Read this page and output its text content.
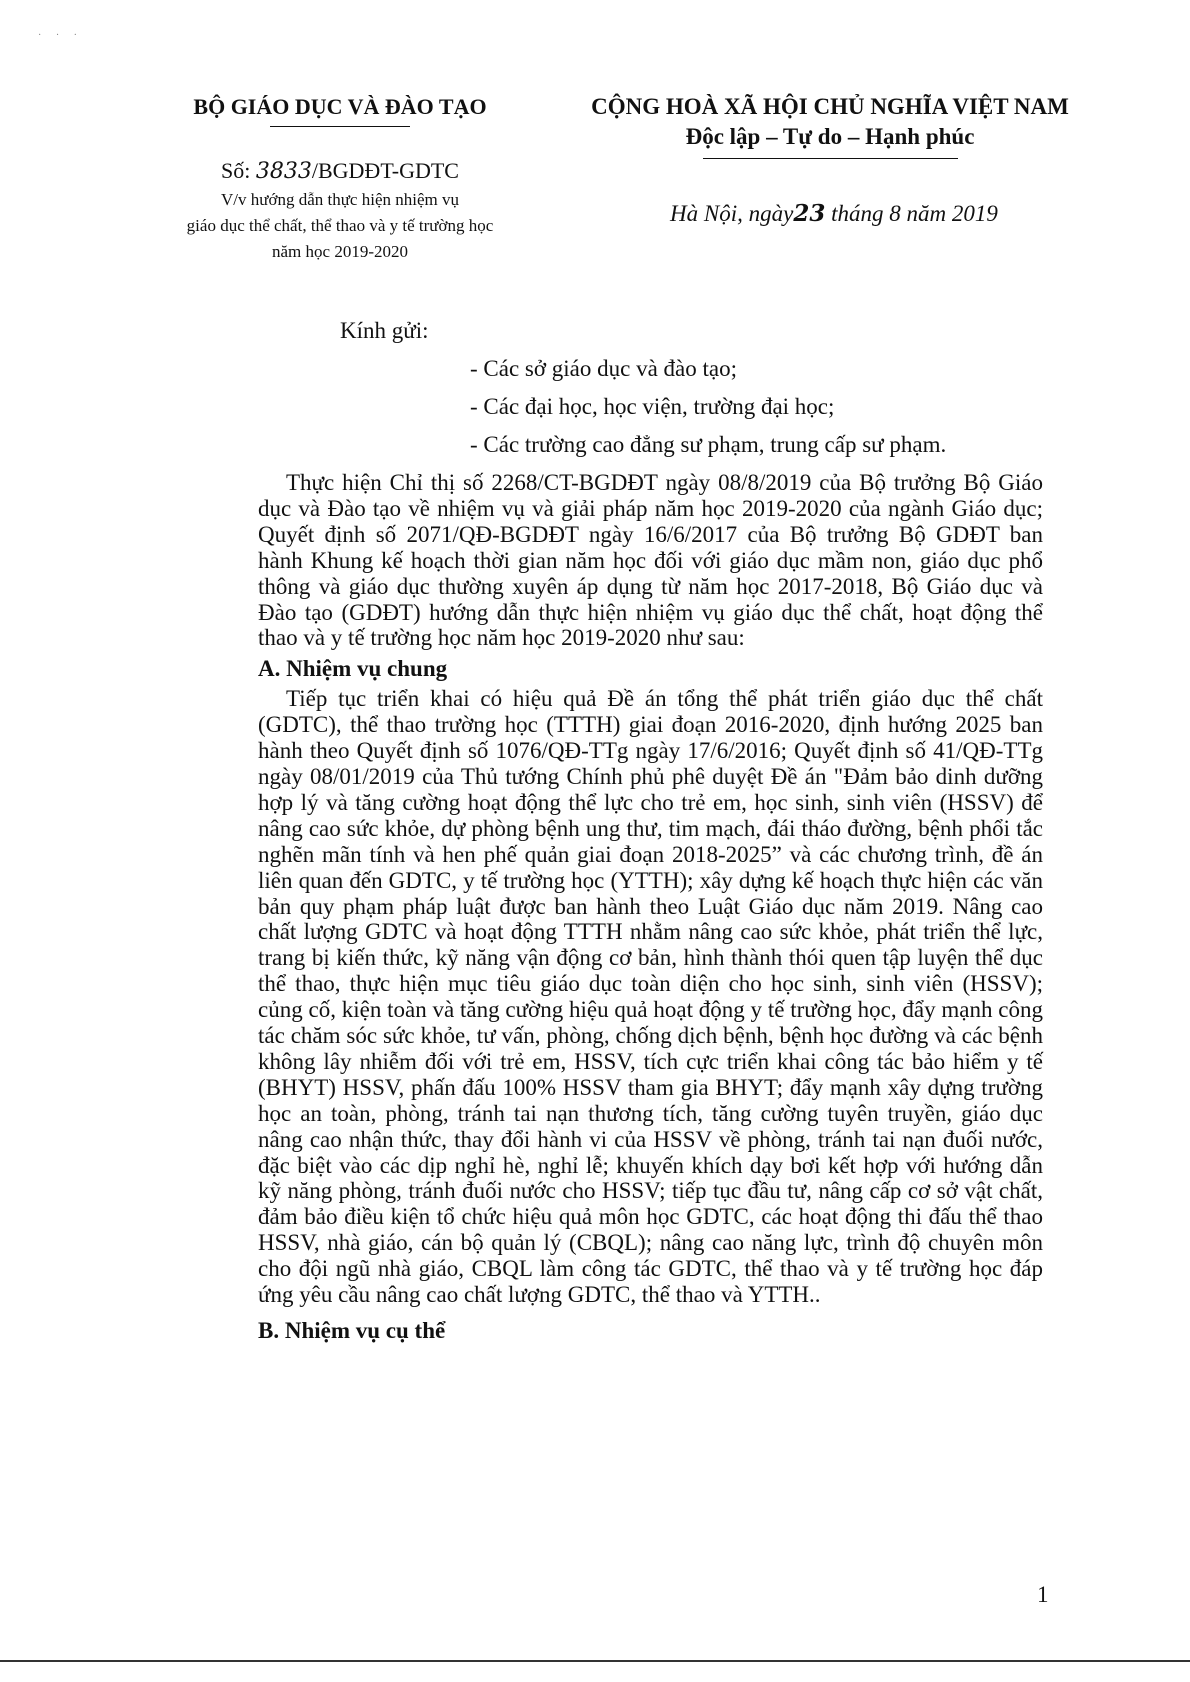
· · ·
BỘ GIÁO DỤC VÀ ĐÀO TẠO
Số: 3833/BGDĐT-GDTC
V/v hướng dẫn thực hiện nhiệm vụ
giáo dục thể chất, thể thao và y tế trường học
năm học 2019-2020
CỘNG HOÀ XÃ HỘI CHỦ NGHĨA VIỆT NAM
Độc lập – Tự do – Hạnh phúc
Hà Nội, ngày23 tháng 8 năm 2019
Kính gửi:
- Các sở giáo dục và đào tạo;
- Các đại học, học viện, trường đại học;
- Các trường cao đẳng sư phạm, trung cấp sư phạm.

Thực hiện Chỉ thị số 2268/CT-BGDĐT ngày 08/8/2019 của Bộ trưởng Bộ Giáo dục và Đào tạo về nhiệm vụ và giải pháp năm học 2019-2020 của ngành Giáo dục; Quyết định số 2071/QĐ-BGDĐT ngày 16/6/2017 của Bộ trưởng Bộ GDĐT ban hành Khung kế hoạch thời gian năm học đối với giáo dục mầm non, giáo dục phổ thông và giáo dục thường xuyên áp dụng từ năm học 2017-2018, Bộ Giáo dục và Đào tạo (GDĐT) hướng dẫn thực hiện nhiệm vụ giáo dục thể chất, hoạt động thể thao và y tế trường học năm học 2019-2020 như sau:

A. Nhiệm vụ chung

Tiếp tục triển khai có hiệu quả Đề án tổng thể phát triển giáo dục thể chất (GDTC), thể thao trường học (TTTH) giai đoạn 2016-2020, định hướng 2025 ban hành theo Quyết định số 1076/QĐ-TTg ngày 17/6/2016; Quyết định số 41/QĐ-TTg ngày 08/01/2019 của Thủ tướng Chính phủ phê duyệt Đề án "Đảm bảo dinh dưỡng hợp lý và tăng cường hoạt động thể lực cho trẻ em, học sinh, sinh viên (HSSV) để nâng cao sức khỏe, dự phòng bệnh ung thư, tim mạch, đái tháo đường, bệnh phổi tắc nghẽn mãn tính và hen phế quản giai đoạn 2018-2025” và các chương trình, đề án liên quan đến GDTC, y tế trường học (YTTH); xây dựng kế hoạch thực hiện các văn bản quy phạm pháp luật được ban hành theo Luật Giáo dục năm 2019. Nâng cao chất lượng GDTC và hoạt động TTTH nhằm nâng cao sức khỏe, phát triển thể lực, trang bị kiến thức, kỹ năng vận động cơ bản, hình thành thói quen tập luyện thể dục thể thao, thực hiện mục tiêu giáo dục toàn diện cho học sinh, sinh viên (HSSV); củng cố, kiện toàn và tăng cường hiệu quả hoạt động y tế trường học, đẩy mạnh công tác chăm sóc sức khỏe, tư vấn, phòng, chống dịch bệnh, bệnh học đường và các bệnh không lây nhiễm đối với trẻ em, HSSV, tích cực triển khai công tác bảo hiểm y tế (BHYT) HSSV, phấn đấu 100% HSSV tham gia BHYT; đẩy mạnh xây dựng trường học an toàn, phòng, tránh tai nạn thương tích, tăng cường tuyên truyền, giáo dục nâng cao nhận thức, thay đổi hành vi của HSSV về phòng, tránh tai nạn đuối nước, đặc biệt vào các dịp nghỉ hè, nghỉ lễ; khuyến khích dạy bơi kết hợp với hướng dẫn kỹ năng phòng, tránh đuối nước cho HSSV; tiếp tục đầu tư, nâng cấp cơ sở vật chất, đảm bảo điều kiện tổ chức hiệu quả môn học GDTC, các hoạt động thi đấu thể thao HSSV, nhà giáo, cán bộ quản lý (CBQL); nâng cao năng lực, trình độ chuyên môn cho đội ngũ nhà giáo, CBQL làm công tác GDTC, thể thao và y tế trường học đáp ứng yêu cầu nâng cao chất lượng GDTC, thể thao và YTTH..

B. Nhiệm vụ cụ thể

1
